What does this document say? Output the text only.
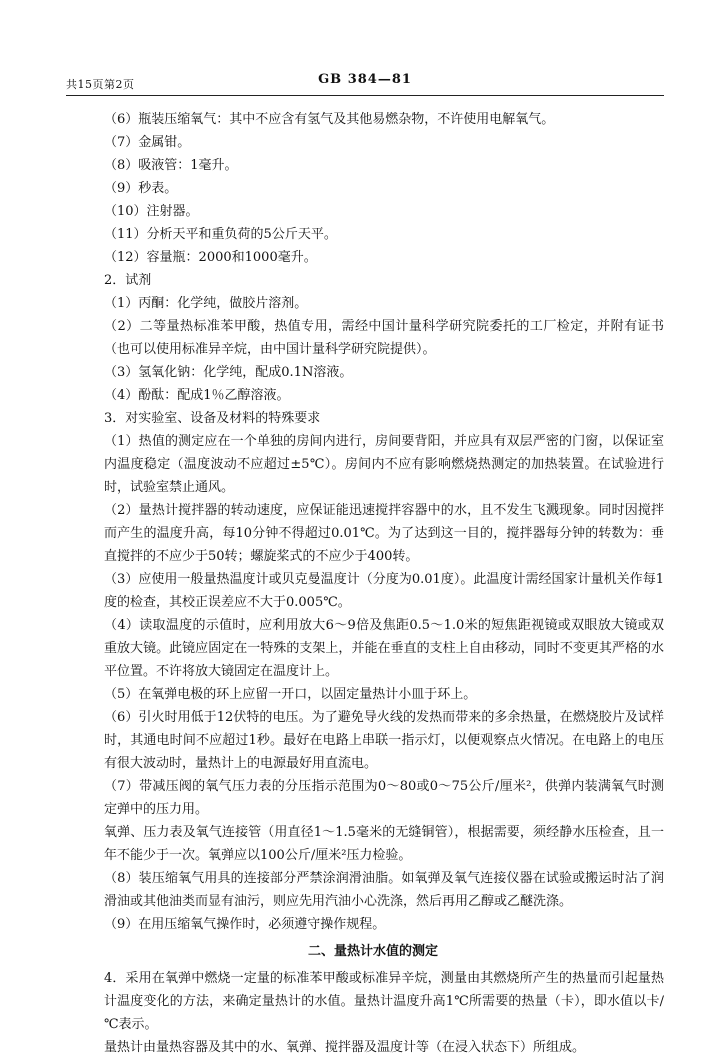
共15页第2页	GB 384—81

（6）瓶装压缩氧气：其中不应含有氢气及其他易燃杂物，不许使用电解氧气。

（7）金属钳。

（8）吸液管：1毫升。

（9）秒表。

（10）注射器。

（11）分析天平和重负荷的5公斤天平。

（12）容量瓶：2000和1000毫升。

2．试剂

（1）丙酮：化学纯，做胶片溶剂。

（2）二等量热标准苯甲酸，热值专用，需经中国计量科学研究院委托的工厂检定，并附有证书（也可以使用标准异辛烷，由中国计量科学研究院提供）。

（3）氢氧化钠：化学纯，配成0.1N溶液。

（4）酚酞：配成1％乙醇溶液。

3．对实验室、设备及材料的特殊要求

（1）热值的测定应在一个单独的房间内进行，房间要背阳，并应具有双层严密的门窗，以保证室内温度稳定（温度波动不应超过±5℃）。房间内不应有影响燃烧热测定的加热装置。在试验进行时，试验室禁止通风。

（2）量热计搅拌器的转动速度，应保证能迅速搅拌容器中的水，且不发生飞溅现象。同时因搅拌而产生的温度升高，每10分钟不得超过0.01℃。为了达到这一目的，搅拌器每分钟的转数为：垂直搅拌的不应少于50转；螺旋桨式的不应少于400转。

（3）应使用一般量热温度计或贝克曼温度计（分度为0.01度）。此温度计需经国家计量机关作每1度的检查，其校正误差应不大于0.005℃。

（4）读取温度的示值时，应利用放大6～9倍及焦距0.5～1.0米的短焦距视镜或双眼放大镜或双重放大镜。此镜应固定在一特殊的支架上，并能在垂直的支柱上自由移动，同时不变更其严格的水平位置。不许将放大镜固定在温度计上。

（5）在氧弹电极的环上应留一开口，以固定量热计小皿于环上。

（6）引火时用低于12伏特的电压。为了避免导火线的发热而带来的多余热量，在燃烧胶片及试样时，其通电时间不应超过1秒。最好在电路上串联一指示灯，以便观察点火情况。在电路上的电压有很大波动时，量热计上的电源最好用直流电。

（7）带减压阀的氧气压力表的分压指示范围为0～80或0～75公斤/厘米²，供弹内装满氧气时测定弹中的压力用。

氧弹、压力表及氧气连接管（用直径1～1.5毫米的无缝铜管），根据需要，须经静水压检查，且一年不能少于一次。氧弹应以100公斤/厘米²压力检验。

（8）装压缩氧气用具的连接部分严禁涂润滑油脂。如氧弹及氧气连接仪器在试验或搬运时沾了润滑油或其他油类而显有油污，则应先用汽油小心洗涤，然后再用乙醇或乙醚洗涤。

（9）在用压缩氧气操作时，必须遵守操作规程。

二、量热计水值的测定

4．采用在氧弹中燃烧一定量的标准苯甲酸或标准异辛烷，测量由其燃烧所产生的热量而引起量热计温度变化的方法，来确定量热计的水值。量热计温度升高1℃所需要的热量（卡），即水值以卡/℃表示。

量热计由量热容器及其中的水、氧弹、搅拌器及温度计等（在浸入状态下）所组成。
